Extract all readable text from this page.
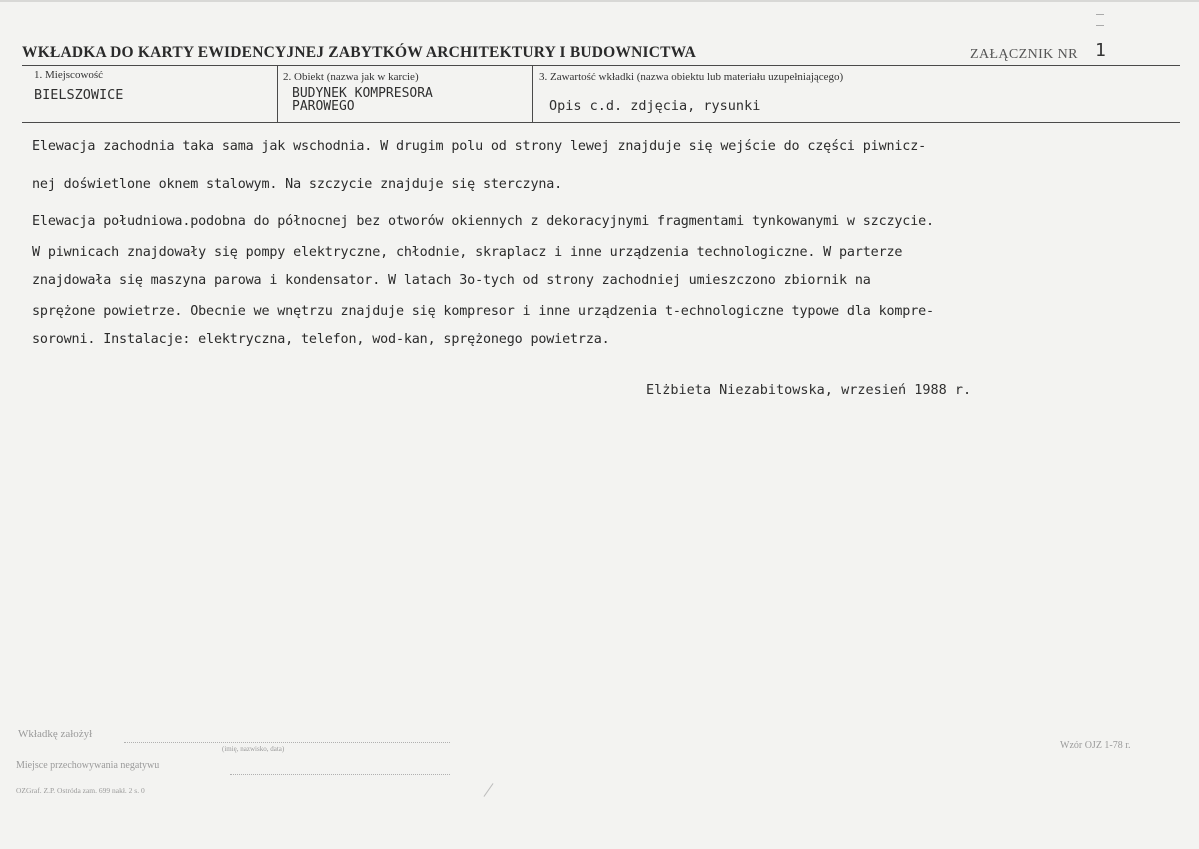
WKŁADKA DO KARTY EWIDENCYJNEJ ZABYTKÓW ARCHITEKTURY I BUDOWNICTWA	ZAŁĄCZNIK NR 1
1. Miejscowość
BIELSZOWICE
2. Obiekt (nazwa jak w karcie)
BUDYNEK KOMPRESORA
PAROWEGO
3. Zawartość wkładki (nazwa obiektu lub materiału uzupełniającego)
Opis c.d. zdjęcia, rysunki
Elewacja zachodnia taka sama jak wschodnia. W drugim polu od strony lewej znajduje się wejście do części piwnicz-
nej doświetlone oknem stalowym. Na szczycie znajduje się sterczyna.
Elewacja południowa.podobna do północnej bez otworów okiennych z dekoracyjnymi fragmentami tynkowanymi w szczycie.
W piwnicach znajdowały się pompy elektryczne, chłodnie, skraplacz i inne urządzenia technologiczne. W parterze
znajdowała się maszyna parowa i kondensator. W latach 3o-tych od strony zachodniej umieszczono zbiornik na
sprężone powietrze. Obecnie we wnętrzu znajduje się kompresor i inne urządzenia t-echnologiczne typowe dla kompre-
sorowni. Instalacje: elektryczna, telefon, wod-kan, sprężonego powietrza.
Elżbieta Niezabitowska, wrzesień 1988 r.
Wkładkę założył
(imię, nazwisko, data)
Miejsce przechowywania negatywu
OZGraf. Z.P. Ostróda zam. 699 nakł. 2 s. 0
Wzór OJZ 1-78 r.
